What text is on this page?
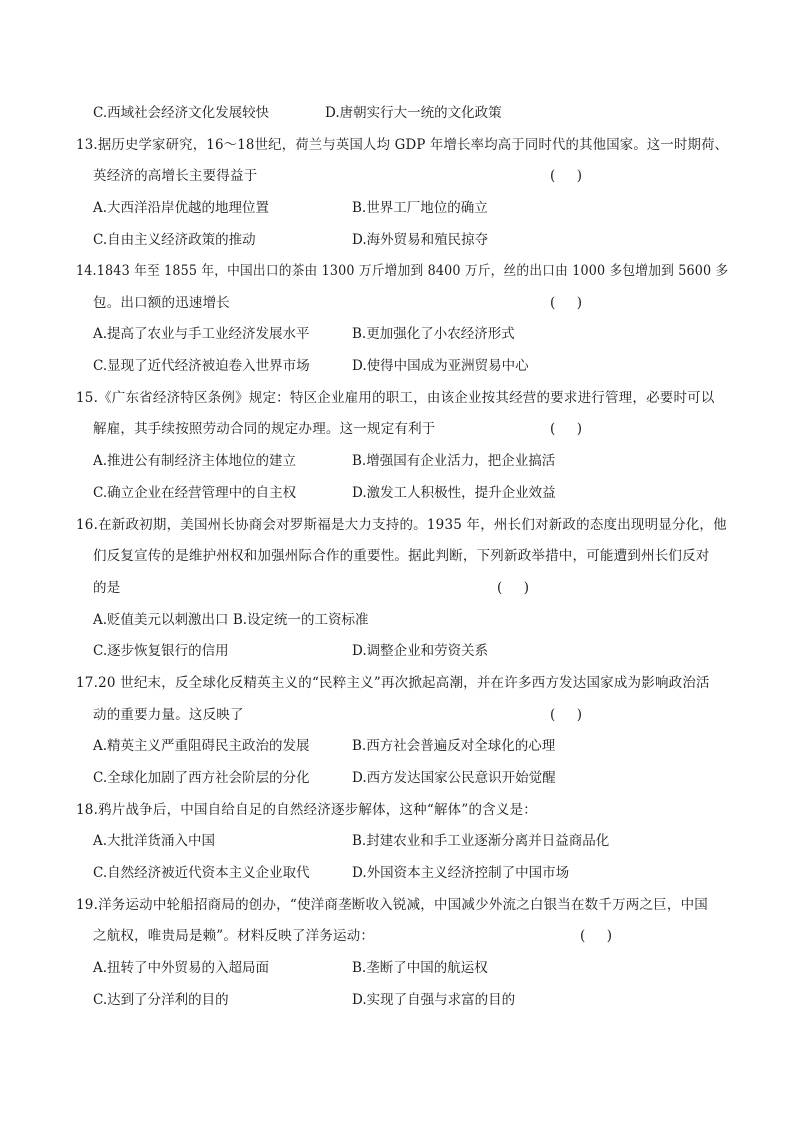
C.西域社会经济文化发展较快	D.唐朝实行大一统的文化政策
13.据历史学家研究，16～18世纪，荷兰与英国人均 GDP 年增长率均高于同时代的其他国家。这一时期荷、
英经济的高增长主要得益于	(     )
A.大西洋沿岸优越的地理位置	B.世界工厂地位的确立
C.自由主义经济政策的推动	D.海外贸易和殖民掠夺
14.1843 年至 1855 年，中国出口的茶由 1300 万斤增加到 8400 万斤，丝的出口由 1000 多包增加到 5600 多
包。出口额的迅速增长	(     )
A.提高了农业与手工业经济发展水平	B.更加强化了小农经济形式
C.显现了近代经济被迫卷入世界市场	D.使得中国成为亚洲贸易中心
15.《广东省经济特区条例》规定：特区企业雇用的职工，由该企业按其经营的要求进行管理，必要时可以
解雇，其手续按照劳动合同的规定办理。这一规定有利于	(     )
A.推进公有制经济主体地位的建立	B.增强国有企业活力，把企业搞活
C.确立企业在经营管理中的自主权	D.激发工人积极性，提升企业效益
16.在新政初期，美国州长协商会对罗斯福是大力支持的。1935 年，州长们对新政的态度出现明显分化，他
们反复宣传的是维护州权和加强州际合作的重要性。据此判断，下列新政举措中，可能遭到州长们反对
的是	(     )
A.贬值美元以刺激出口 B.设定统一的工资标准
C.逐步恢复银行的信用	D.调整企业和劳资关系
17.20 世纪末，反全球化反精英主义的“民粹主义”再次掀起高潮，并在许多西方发达国家成为影响政治活
动的重要力量。这反映了	(     )
A.精英主义严重阻碍民主政治的发展	B.西方社会普遍反对全球化的心理
C.全球化加剧了西方社会阶层的分化	D.西方发达国家公民意识开始觉醒
18.鸦片战争后，中国自给自足的自然经济逐步解体，这种“解体”的含义是：
A.大批洋货涌入中国	B.封建农业和手工业逐渐分离并日益商品化
C.自然经济被近代资本主义企业取代	D.外国资本主义经济控制了中国市场
19.洋务运动中轮船招商局的创办，“使洋商垄断收入锐减，中国减少外流之白银当在数千万两之巨，中国
之航权，唯贵局是赖”。材料反映了洋务运动：	(     )
A.扭转了中外贸易的入超局面	B.垄断了中国的航运权
C.达到了分洋利的目的	D.实现了自强与求富的目的
